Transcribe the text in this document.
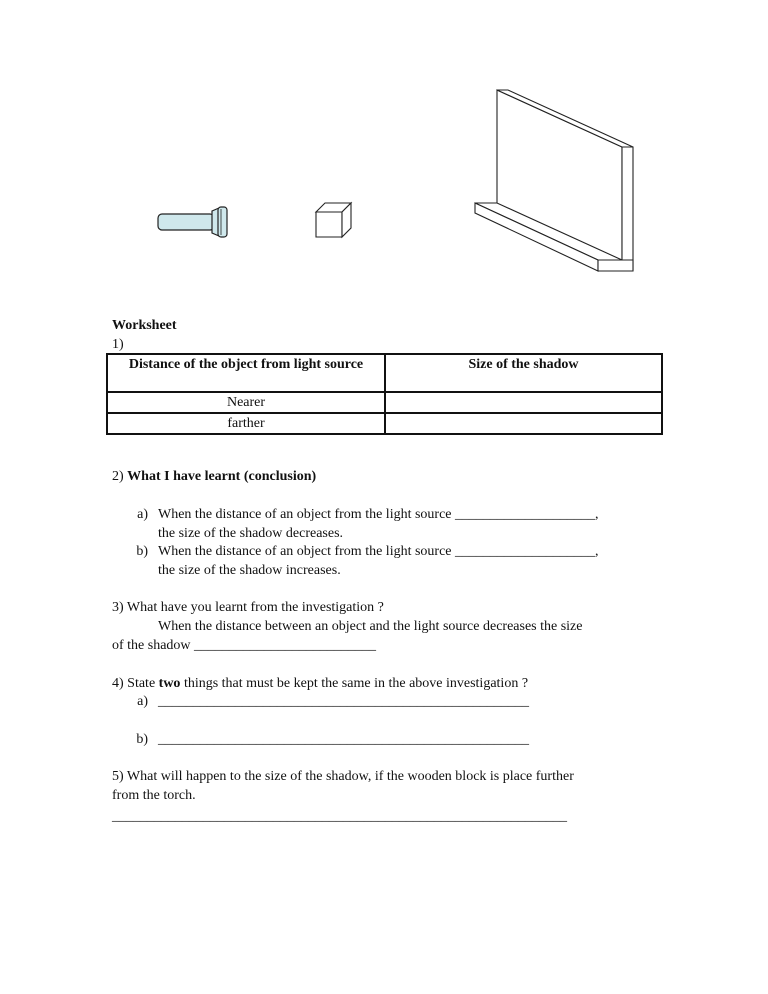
Worksheet
1)
Distance of the object from light source	Size of the shadow
Nearer	
farther	
2) What I have learnt (conclusion)
a) When the distance of an object from the light source ____________________,
the size of the shadow decreases.
b) When the distance of an object from the light source ____________________,
the size of the shadow increases.
3) What have you learnt from the investigation ?
When the distance between an object and the light source decreases the size
of the shadow __________________________
4) State two things that must be kept the same in the above investigation ?
a) _____________________________________________________
b) _____________________________________________________
5) What will happen to the size of the shadow, if the wooden block is place further
from the torch.
_________________________________________________________________
